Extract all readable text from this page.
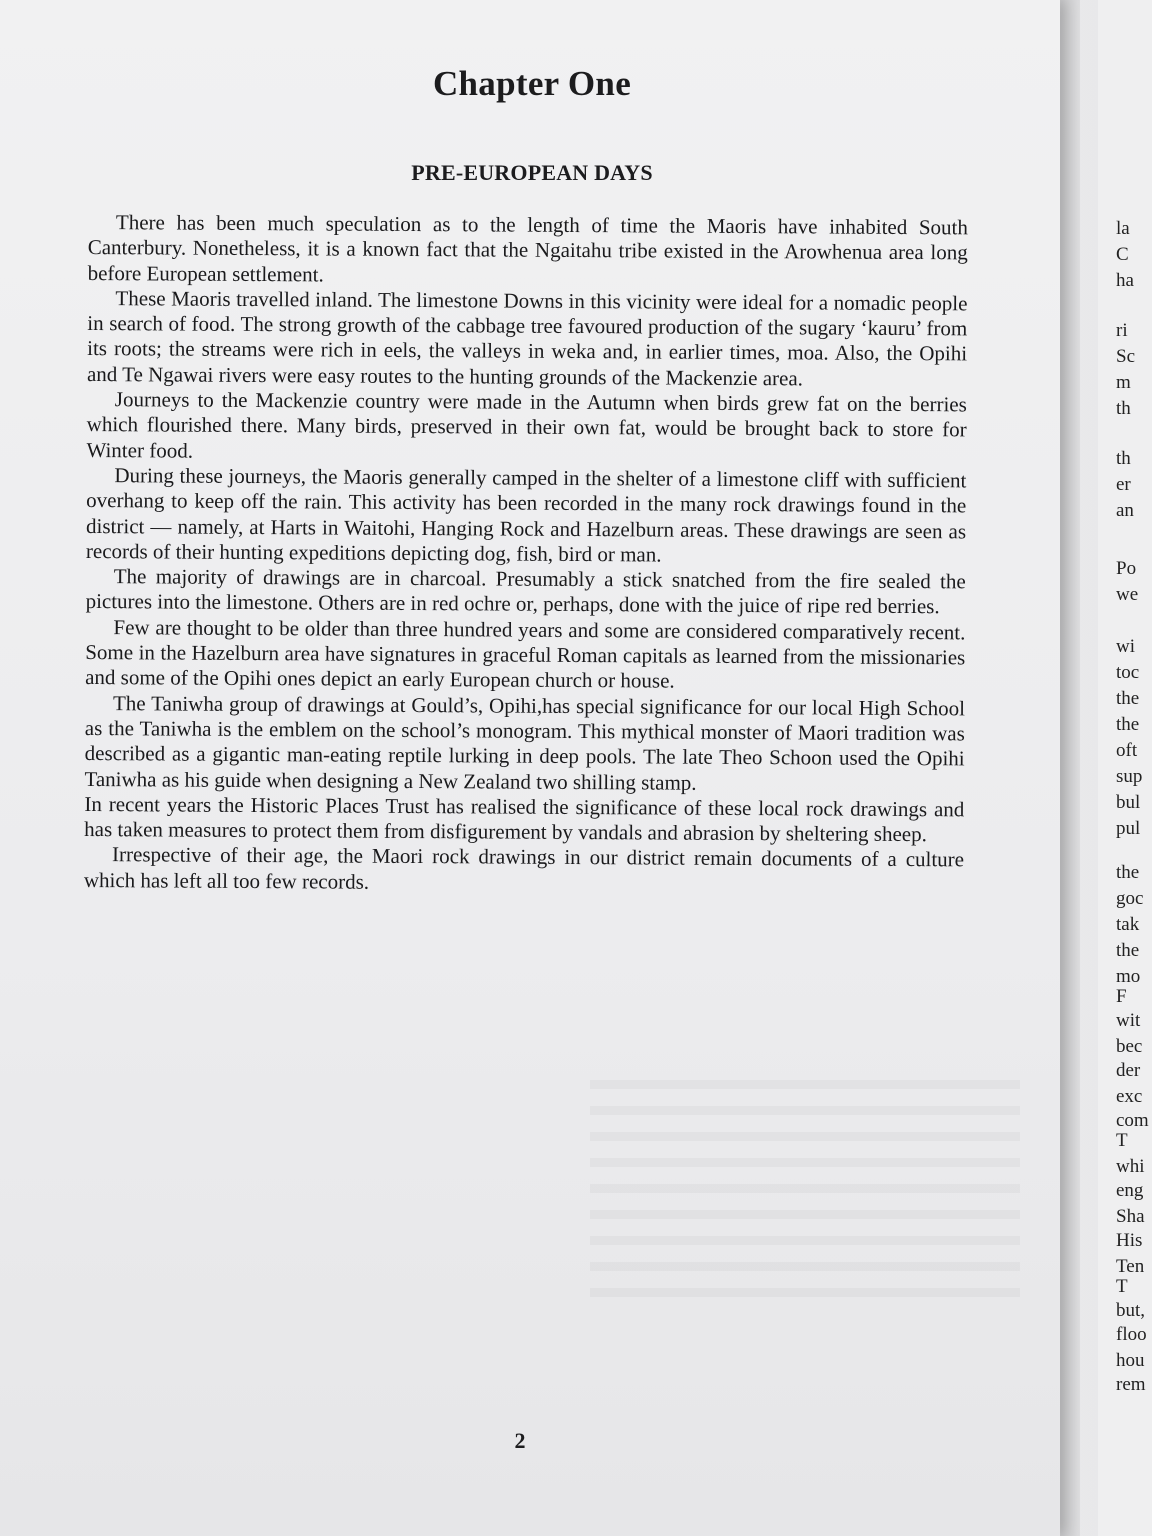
la
C
ha
ri
Sc
m
th
th
er
an
Po
we
wi
toc
the
the
oft
sup
bul
pul
the
goc
tak
the
mo
F
wit
bec
der
exc
com
T
whi
eng
Sha
His
Ten
T
but,
floo
hou
rem

Chapter One
PRE-EUROPEAN DAYS

There has been much speculation as to the length of time the Maoris have inhabited South Canterbury. Nonetheless, it is a known fact that the Ngaitahu tribe existed in the Arowhenua area long before European settlement.

These Maoris travelled inland. The limestone Downs in this vicinity were ideal for a nomadic people in search of food. The strong growth of the cabbage tree favoured production of the sugary ‘kauru’ from its roots; the streams were rich in eels, the valleys in weka and, in earlier times, moa. Also, the Opihi and Te Ngawai rivers were easy routes to the hunting grounds of the Mackenzie area.

Journeys to the Mackenzie country were made in the Autumn when birds grew fat on the berries which flourished there. Many birds, preserved in their own fat, would be brought back to store for Winter food.

During these journeys, the Maoris generally camped in the shelter of a limestone cliff with sufficient overhang to keep off the rain. This activity has been recorded in the many rock drawings found in the district — namely, at Harts in Waitohi, Hanging Rock and Hazelburn areas. These drawings are seen as records of their hunting expeditions depicting dog, fish, bird or man.

The majority of drawings are in charcoal. Presumably a stick snatched from the fire sealed the pictures into the limestone. Others are in red ochre or, perhaps, done with the juice of ripe red berries.

Few are thought to be older than three hundred years and some are considered comparatively recent. Some in the Hazelburn area have signatures in graceful Roman capitals as learned from the missionaries and some of the Opihi ones depict an early European church or house.

The Taniwha group of drawings at Gould’s, Opihi,has special significance for our local High School as the Taniwha is the emblem on the school’s monogram. This mythical monster of Maori tradition was described as a gigantic man-eating reptile lurking in deep pools. The late Theo Schoon used the Opihi Taniwha as his guide when designing a New Zealand two shilling stamp.

In recent years the Historic Places Trust has realised the significance of these local rock drawings and has taken measures to protect them from disfigurement by vandals and abrasion by sheltering sheep.

Irrespective of their age, the Maori rock drawings in our district remain documents of a culture which has left all too few records.

2
